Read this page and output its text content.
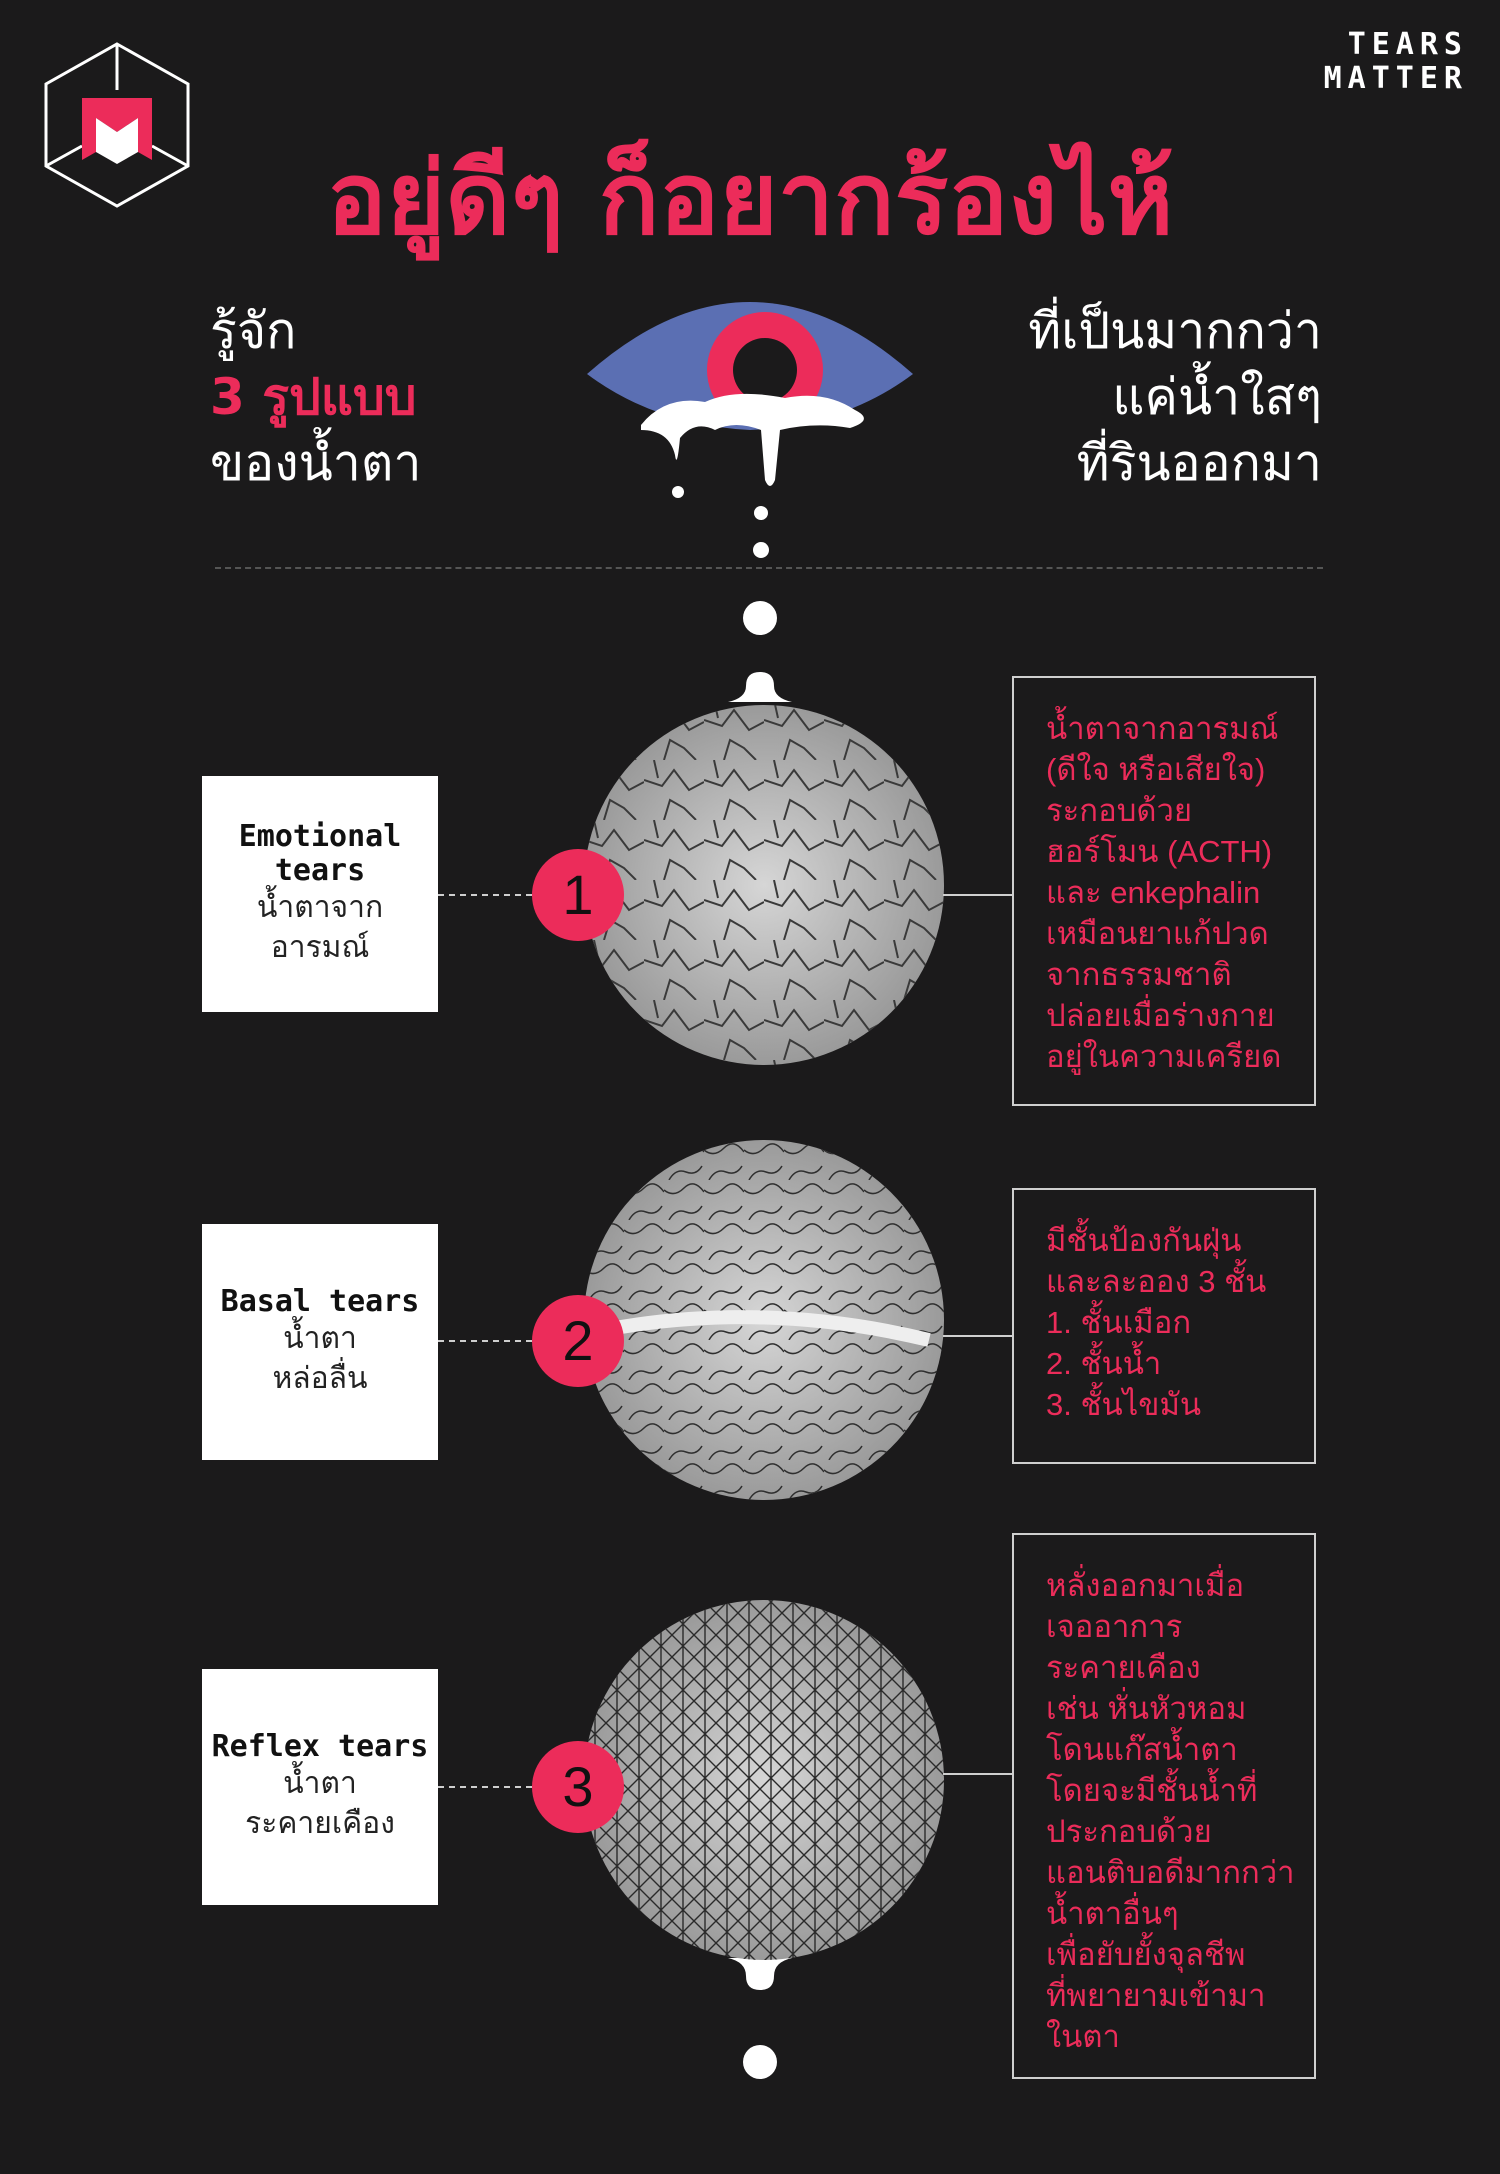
TEARS
MATTER
อยู่ดีๆ ก็อยากร้องไห้
รู้จัก
3 รูปแบบ
ของน้ำตา
ที่เป็นมากกว่า
แค่น้ำใสๆ
ที่รินออกมา
Emotional tears
น้ำตาจาก
อารมณ์
1
น้ำตาจากอารมณ์
(ดีใจ หรือเสียใจ)
ระกอบด้วย
ฮอร์โมน (ACTH)
และ enkephalin
เหมือนยาแก้ปวด
จากธรรมชาติ
ปล่อยเมื่อร่างกาย
อยู่ในความเครียด
Basal tears
น้ำตา
หล่อลื่น
2
มีชั้นป้องกันฝุ่น
และละออง 3 ชั้น
1. ชั้นเมือก
2. ชั้นน้ำ
3. ชั้นไขมัน
Reflex tears
น้ำตา
ระคายเคือง
3
หลั่งออกมาเมื่อ
เจออาการ
ระคายเคือง
เช่น หั่นหัวหอม
โดนแก๊สน้ำตา
โดยจะมีชั้นน้ำที่
ประกอบด้วย
แอนติบอดีมากกว่า
น้ำตาอื่นๆ
เพื่อยับยั้งจุลชีพ
ที่พยายามเข้ามา
ในตา
